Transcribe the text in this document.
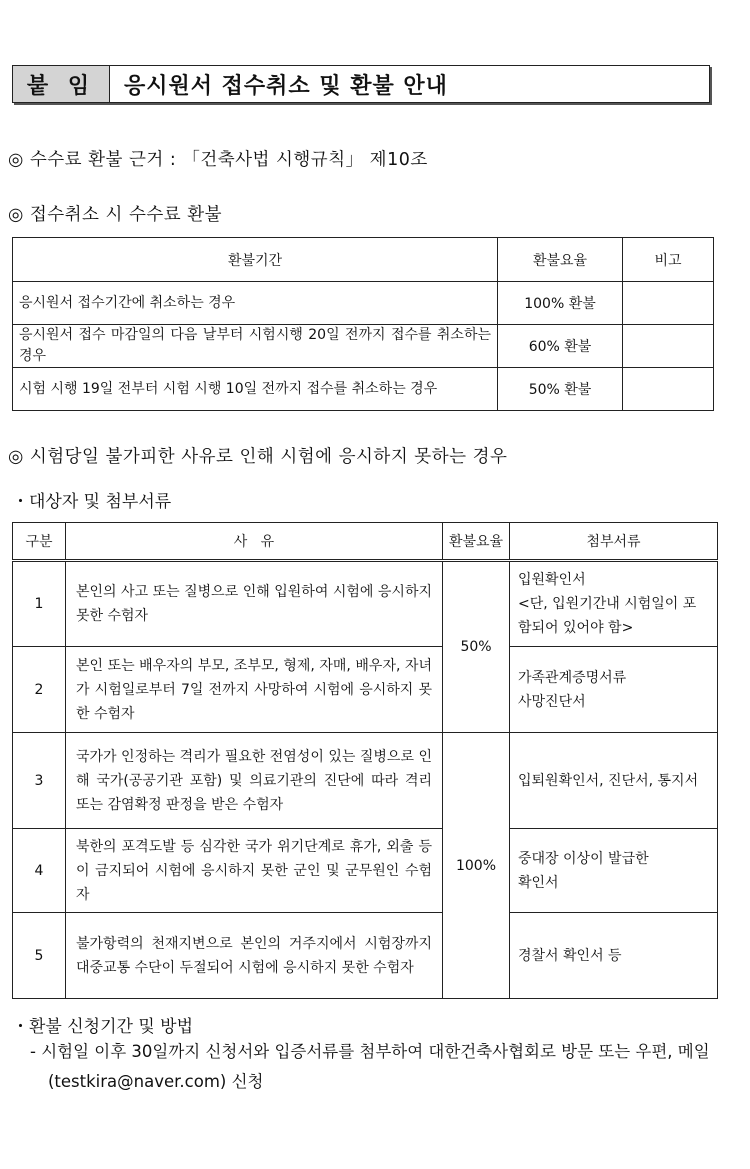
붙 임	응시원서 접수취소 및 환불 안내
◎ 수수료 환불 근거 : 「건축사법 시행규칙」 제10조
◎ 접수취소 시 수수료 환불
환불기간	환불요율	비고
응시원서 접수기간에 취소하는 경우	100% 환불	
응시원서 접수 마감일의 다음 날부터 시험시행 20일 전까지 접수를 취소하는 경우	60% 환불	
시험 시행 19일 전부터 시험 시행 10일 전까지 접수를 취소하는 경우	50% 환불	
◎ 시험당일 불가피한 사유로 인해 시험에 응시하지 못하는 경우
・대상자 및 첨부서류
구분	사   유	환불요율	첨부서류
1	본인의 사고 또는 질병으로 인해 입원하여 시험에 응시하지 못한 수험자	50%	입원확인서
<단, 입원기간내 시험일이 포함되어 있어야 함>
2	본인 또는 배우자의 부모, 조부모, 형제, 자매, 배우자, 자녀가 시험일로부터 7일 전까지 사망하여 시험에 응시하지 못한 수험자		가족관계증명서류
사망진단서
3	국가가 인정하는 격리가 필요한 전염성이 있는 질병으로 인해 국가(공공기관 포함) 및 의료기관의 진단에 따라 격리 또는 감염확정 판정을 받은 수험자	100%	입퇴원확인서, 진단서, 통지서
4	북한의 포격도발 등 심각한 국가 위기단계로 휴가, 외출 등이 금지되어 시험에 응시하지 못한 군인 및 군무원인 수험자		중대장 이상이 발급한
확인서
5	불가항력의 천재지변으로 본인의 거주지에서 시험장까지 대중교통 수단이 두절되어 시험에 응시하지 못한 수험자		경찰서 확인서 등
・환불 신청기간 및 방법
- 시험일 이후 30일까지 신청서와 입증서류를 첨부하여 대한건축사협회로 방문 또는 우편, 메일(testkira@naver.com) 신청
